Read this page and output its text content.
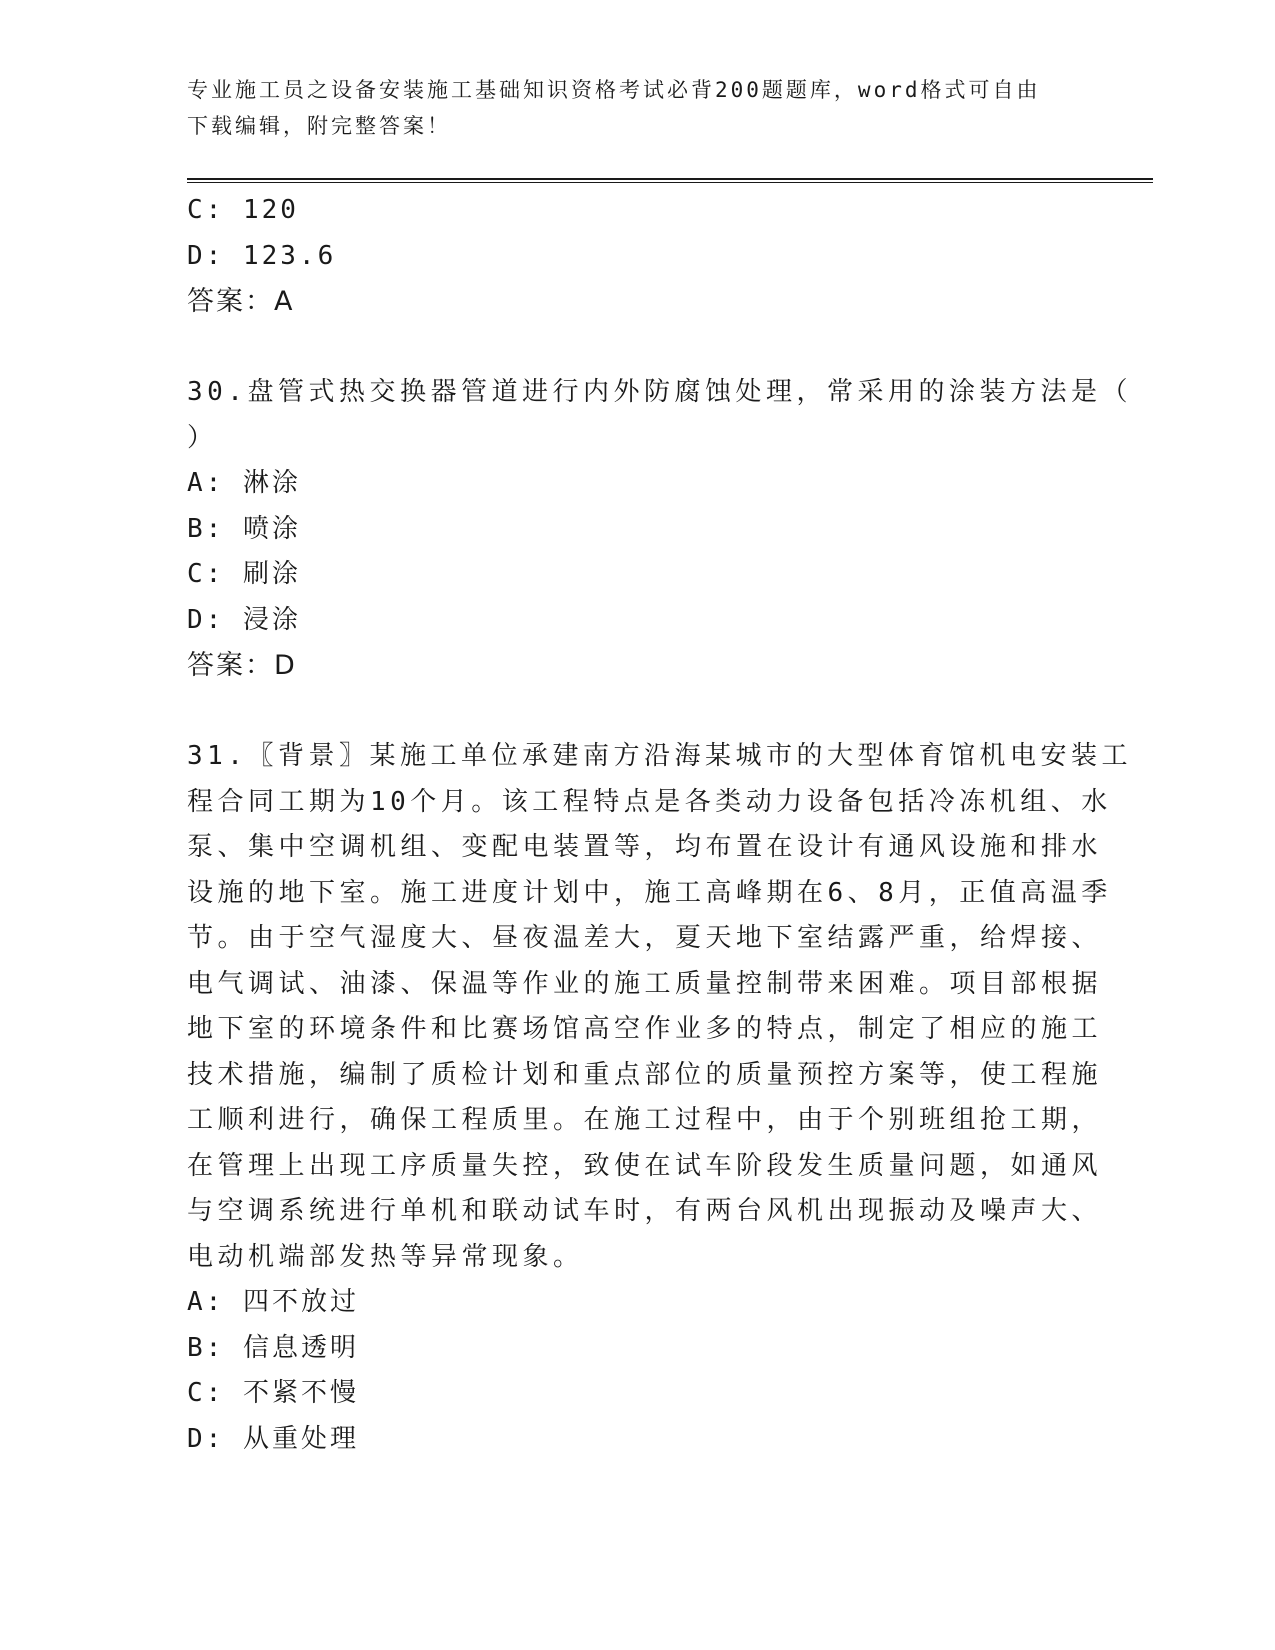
专业施工员之设备安装施工基础知识资格考试必背200题题库，word格式可自由
下载编辑，附完整答案！
C: 120
D: 123.6
答案：A
30.盘管式热交换器管道进行内外防腐蚀处理，常采用的涂装方法是（
）
A: 淋涂
B: 喷涂
C: 刷涂
D: 浸涂
答案：D
31.〖背景〗某施工单位承建南方沿海某城市的大型体育馆机电安装工
程合同工期为10个月。该工程特点是各类动力设备包括冷冻机组、水
泵、集中空调机组、变配电装置等，均布置在设计有通风设施和排水
设施的地下室。施工进度计划中，施工高峰期在6、8月，正值高温季
节。由于空气湿度大、昼夜温差大，夏天地下室结露严重，给焊接、
电气调试、油漆、保温等作业的施工质量控制带来困难。项目部根据
地下室的环境条件和比赛场馆高空作业多的特点，制定了相应的施工
技术措施，编制了质检计划和重点部位的质量预控方案等，使工程施
工顺利进行，确保工程质里。在施工过程中，由于个别班组抢工期，
在管理上出现工序质量失控，致使在试车阶段发生质量问题，如通风
与空调系统进行单机和联动试车时，有两台风机出现振动及噪声大、
电动机端部发热等异常现象。
A: 四不放过
B: 信息透明
C: 不紧不慢
D: 从重处理
